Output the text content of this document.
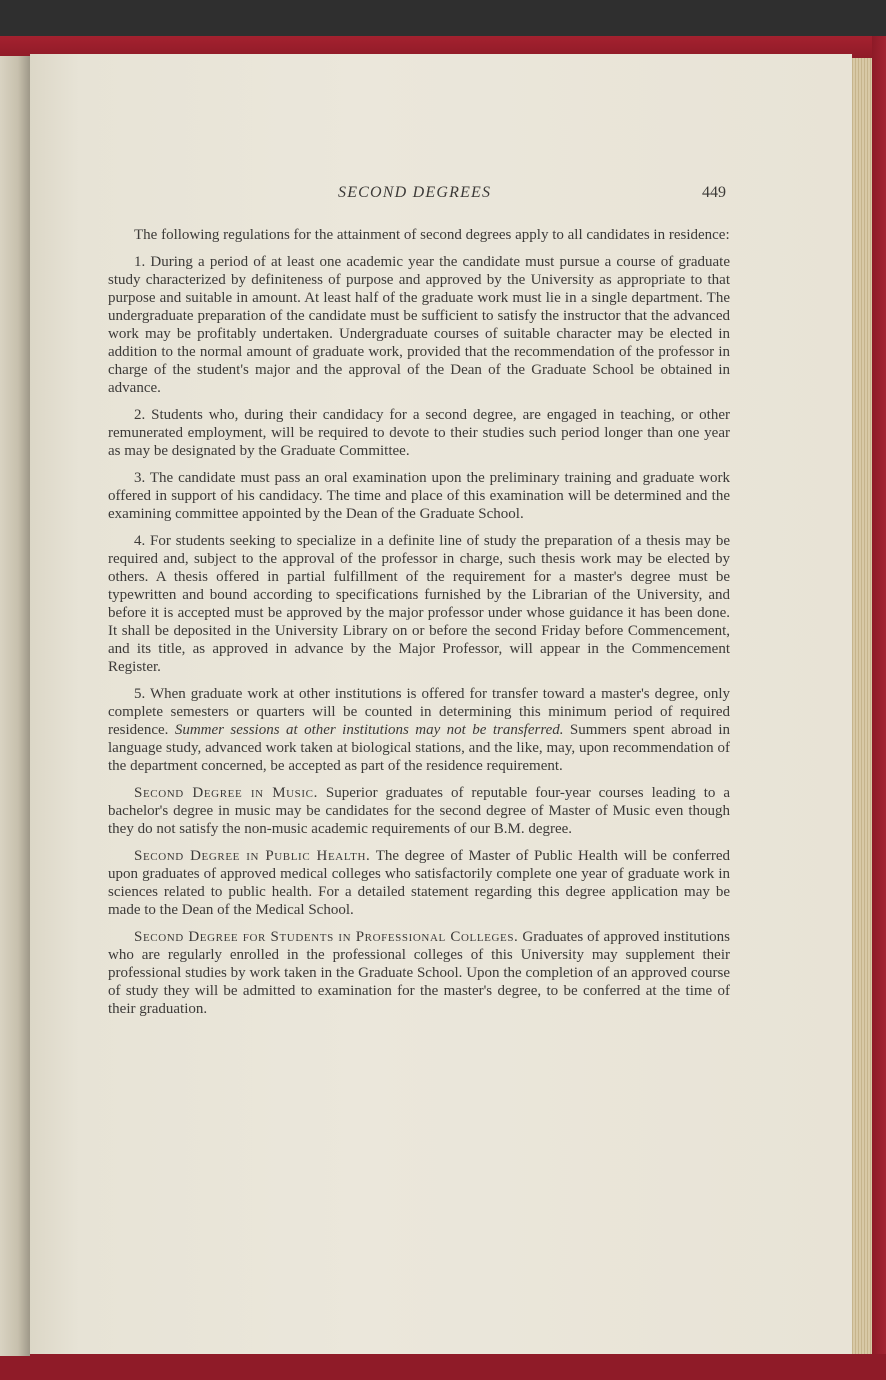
SECOND DEGREES	449

The following regulations for the attainment of second degrees apply to all candidates in residence:

1. During a period of at least one academic year the candidate must pursue a course of graduate study characterized by definiteness of purpose and approved by the University as appropriate to that purpose and suitable in amount. At least half of the graduate work must lie in a single department. The undergraduate preparation of the candidate must be sufficient to satisfy the instructor that the advanced work may be profitably undertaken. Undergraduate courses of suitable character may be elected in addition to the normal amount of graduate work, provided that the recommendation of the professor in charge of the student's major and the approval of the Dean of the Graduate School be obtained in advance.

2. Students who, during their candidacy for a second degree, are engaged in teaching, or other remunerated employment, will be required to devote to their studies such period longer than one year as may be designated by the Graduate Committee.

3. The candidate must pass an oral examination upon the preliminary training and graduate work offered in support of his candidacy. The time and place of this examination will be determined and the examining committee appointed by the Dean of the Graduate School.

4. For students seeking to specialize in a definite line of study the preparation of a thesis may be required and, subject to the approval of the professor in charge, such thesis work may be elected by others. A thesis offered in partial fulfillment of the requirement for a master's degree must be typewritten and bound according to specifications furnished by the Librarian of the University, and before it is accepted must be approved by the major professor under whose guidance it has been done. It shall be deposited in the University Library on or before the second Friday before Commencement, and its title, as approved in advance by the Major Professor, will appear in the Commencement Register.

5. When graduate work at other institutions is offered for transfer toward a master's degree, only complete semesters or quarters will be counted in determining this minimum period of required residence. Summer sessions at other institutions may not be transferred. Summers spent abroad in language study, advanced work taken at biological stations, and the like, may, upon recommendation of the department concerned, be accepted as part of the residence requirement.

Second Degree in Music. Superior graduates of reputable four-year courses leading to a bachelor's degree in music may be candidates for the second degree of Master of Music even though they do not satisfy the non-music academic requirements of our B.M. degree.

Second Degree in Public Health. The degree of Master of Public Health will be conferred upon graduates of approved medical colleges who satisfactorily complete one year of graduate work in sciences related to public health. For a detailed statement regarding this degree application may be made to the Dean of the Medical School.

Second Degree for Students in Professional Colleges. Graduates of approved institutions who are regularly enrolled in the professional colleges of this University may supplement their professional studies by work taken in the Graduate School. Upon the completion of an approved course of study they will be admitted to examination for the master's degree, to be conferred at the time of their graduation.
